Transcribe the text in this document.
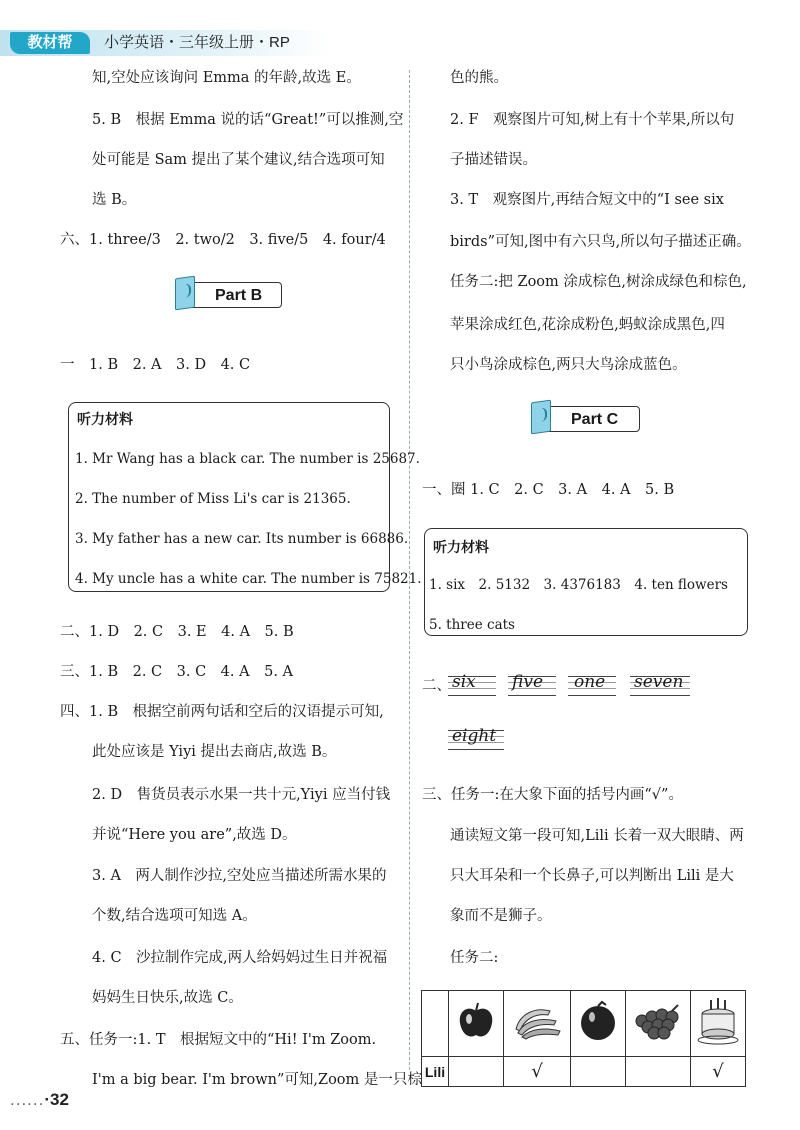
教材帮	小学英语・三年级上册・RP
知,空处应该询问 Emma 的年龄,故选 E。
5. B　根据 Emma 说的话“Great!”可以推测,空
处可能是 Sam 提出了某个建议,结合选项可知
选 B。
六、1. three/3　2. two/2　3. five/5　4. four/4
Part B
一　1. B　2. A　3. D　4. C
听力材料
1. Mr Wang has a black car. The number is 25687.
2. The number of Miss Li's car is 21365.
3. My father has a new car. Its number is 66886.
4. My uncle has a white car. The number is 75821.
二、1. D　2. C　3. E　4. A　5. B
三、1. B　2. C　3. C　4. A　5. A
四、1. B　根据空前两句话和空后的汉语提示可知,
此处应该是 Yiyi 提出去商店,故选 B。
2. D　售货员表示水果一共十元,Yiyi 应当付钱
并说“Here you are”,故选 D。
3. A　两人制作沙拉,空处应当描述所需水果的
个数,结合选项可知选 A。
4. C　沙拉制作完成,两人给妈妈过生日并祝福
妈妈生日快乐,故选 C。
五、任务一:1. T　根据短文中的“Hi! I'm Zoom.
I'm a big bear. I'm brown”可知,Zoom 是一只棕
......·32
色的熊。
2. F　观察图片可知,树上有十个苹果,所以句
子描述错误。
3. T　观察图片,再结合短文中的“I see six
birds”可知,图中有六只鸟,所以句子描述正确。
任务二:把 Zoom 涂成棕色,树涂成绿色和棕色,
苹果涂成红色,花涂成粉色,蚂蚁涂成黑色,四
只小鸟涂成棕色,两只大鸟涂成蓝色。
Part C
一、圈 1. C　2. C　3. A　4. A　5. B
听力材料
1. six　2. 5132　3. 4376183　4. ten flowers
5. three cats
二、 six five one seven
eight
三、任务一:在大象下面的括号内画“√”。
通读短文第一段可知,Lili 长着一双大眼睛、两
只大耳朵和一个长鼻子,可以判断出 Lili 是大
象而不是狮子。
任务二:

Lili		√			√
